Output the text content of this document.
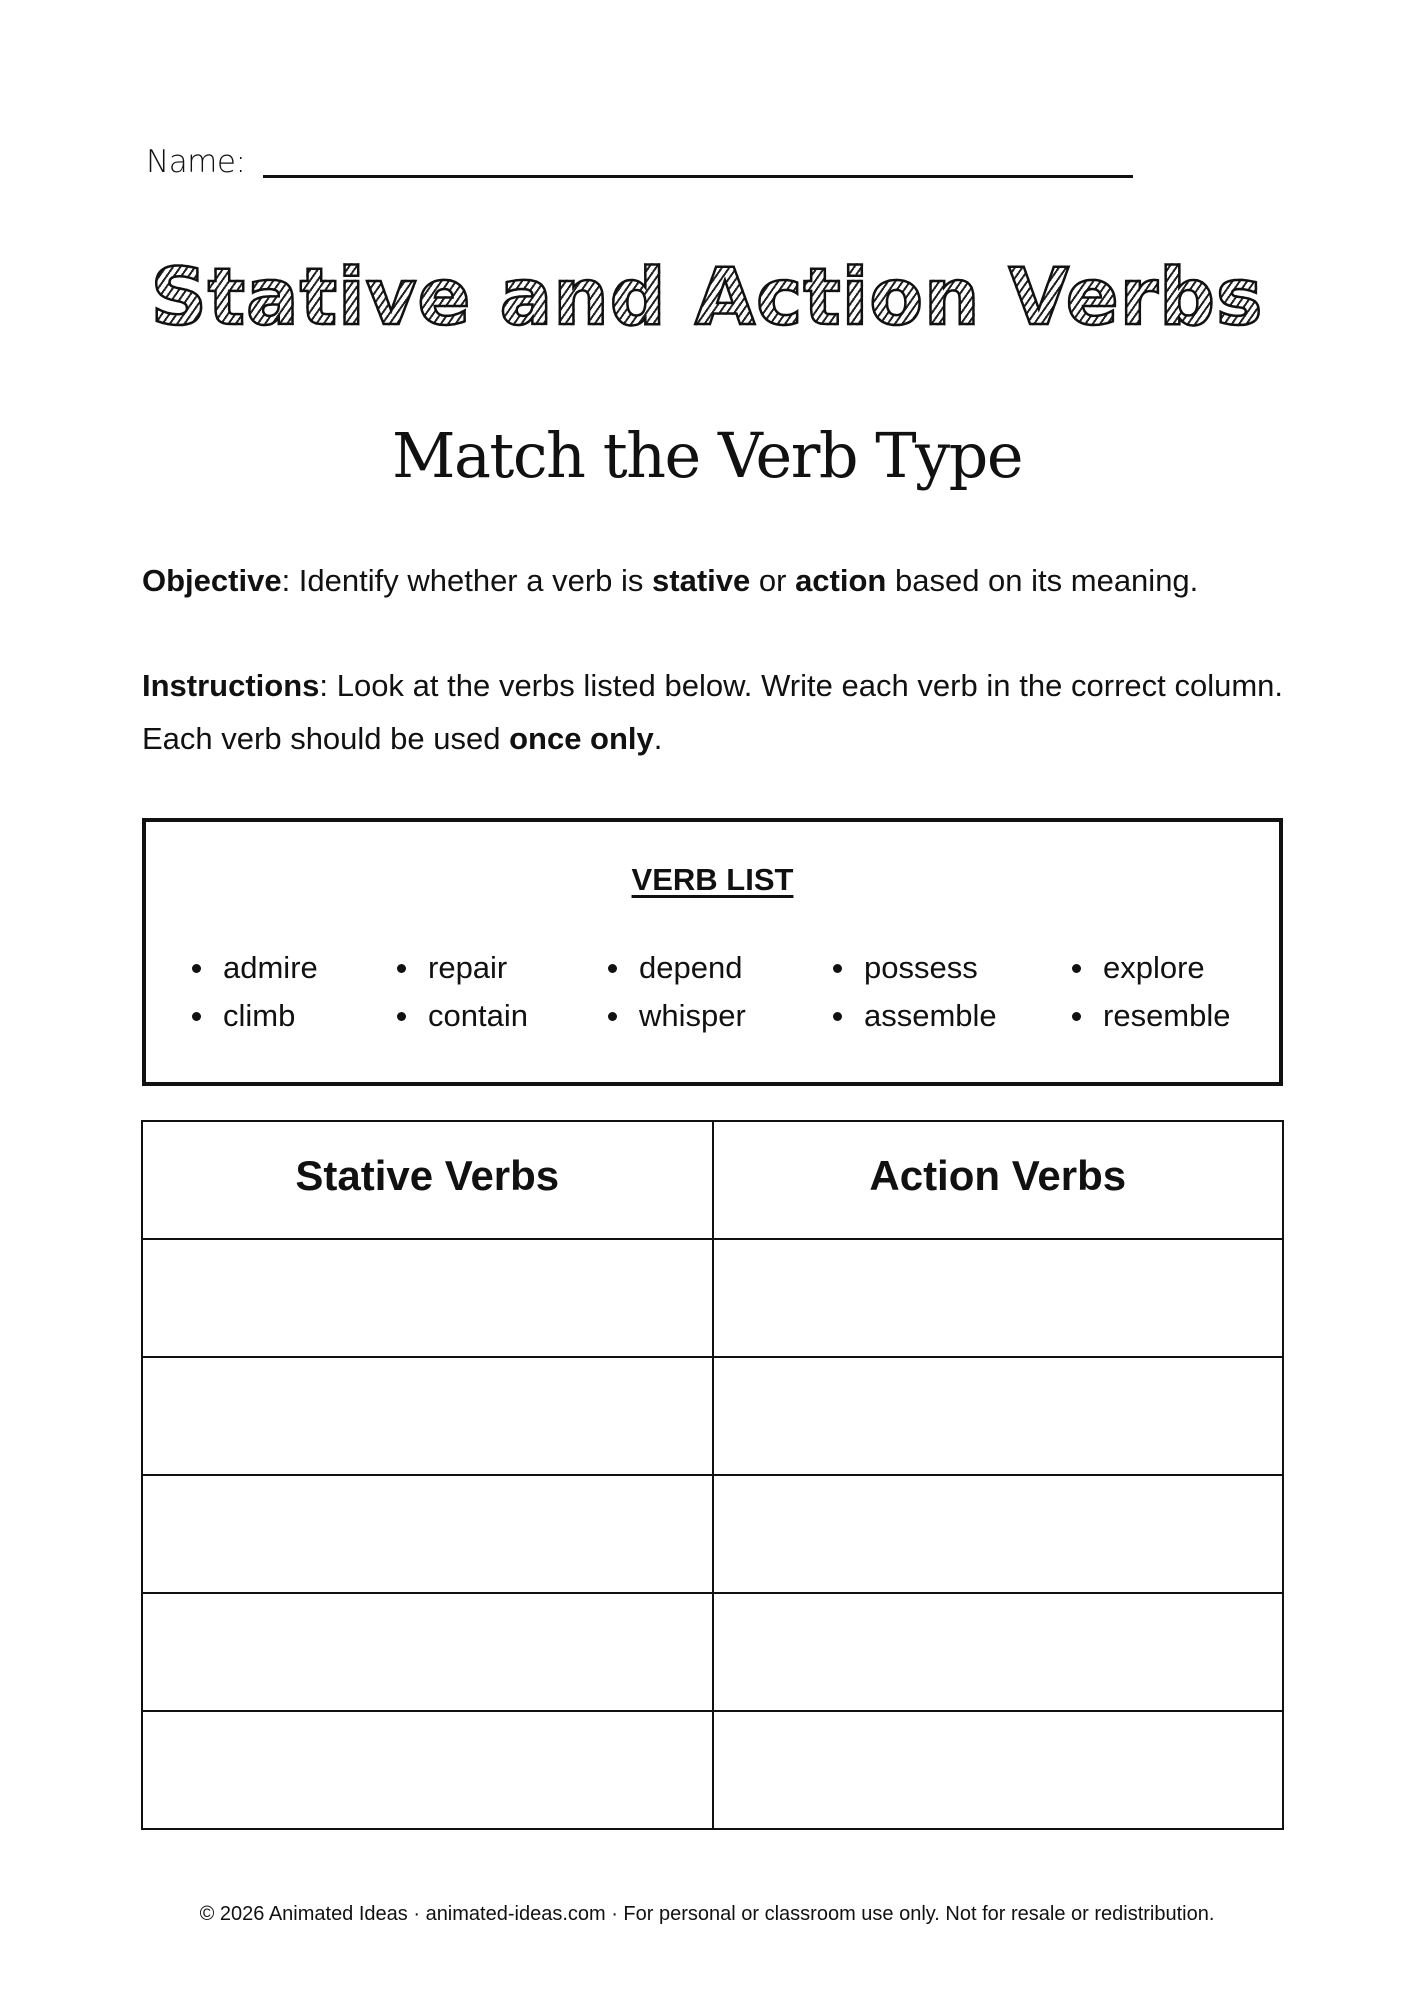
Name:
Stative and Action Verbs
Match the Verb Type

Objective: Identify whether a verb is stative or action based on its meaning.

Instructions: Look at the verbs listed below. Write each verb in the correct column. Each verb should be used once only.

VERB LIST
admire	repair	depend	possess	explore
climb	contain	whisper	assemble	resemble
Stative Verbs	Action Verbs

© 2026 Animated Ideas · animated-ideas.com · For personal or classroom use only. Not for resale or redistribution.
